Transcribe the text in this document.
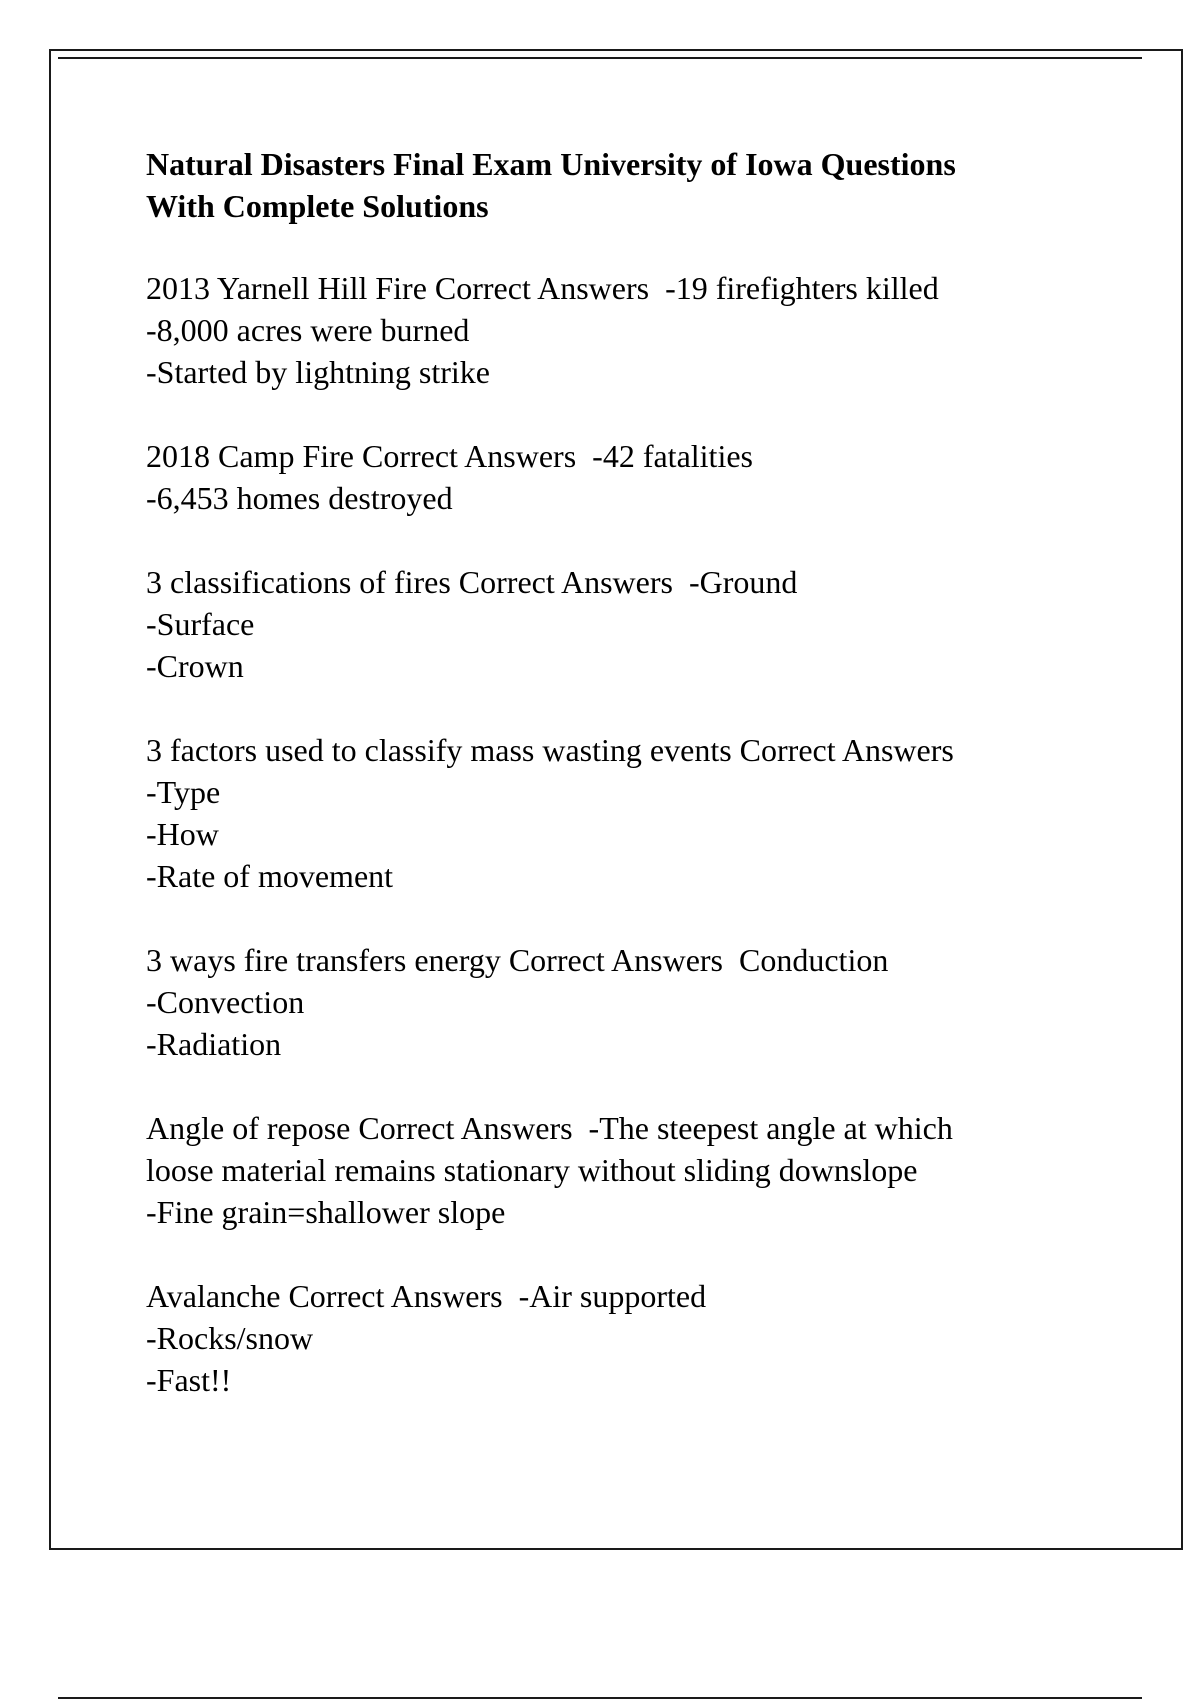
Natural Disasters Final Exam University of Iowa Questions
With Complete Solutions
2013 Yarnell Hill Fire Correct Answers  -19 firefighters killed
-8,000 acres were burned
-Started by lightning strike
2018 Camp Fire Correct Answers  -42 fatalities
-6,453 homes destroyed
3 classifications of fires Correct Answers  -Ground
-Surface
-Crown
3 factors used to classify mass wasting events Correct Answers
-Type
-How
-Rate of movement
3 ways fire transfers energy Correct Answers  Conduction
-Convection
-Radiation
Angle of repose Correct Answers  -The steepest angle at which
loose material remains stationary without sliding downslope
-Fine grain=shallower slope
Avalanche Correct Answers  -Air supported
-Rocks/snow
-Fast!!
